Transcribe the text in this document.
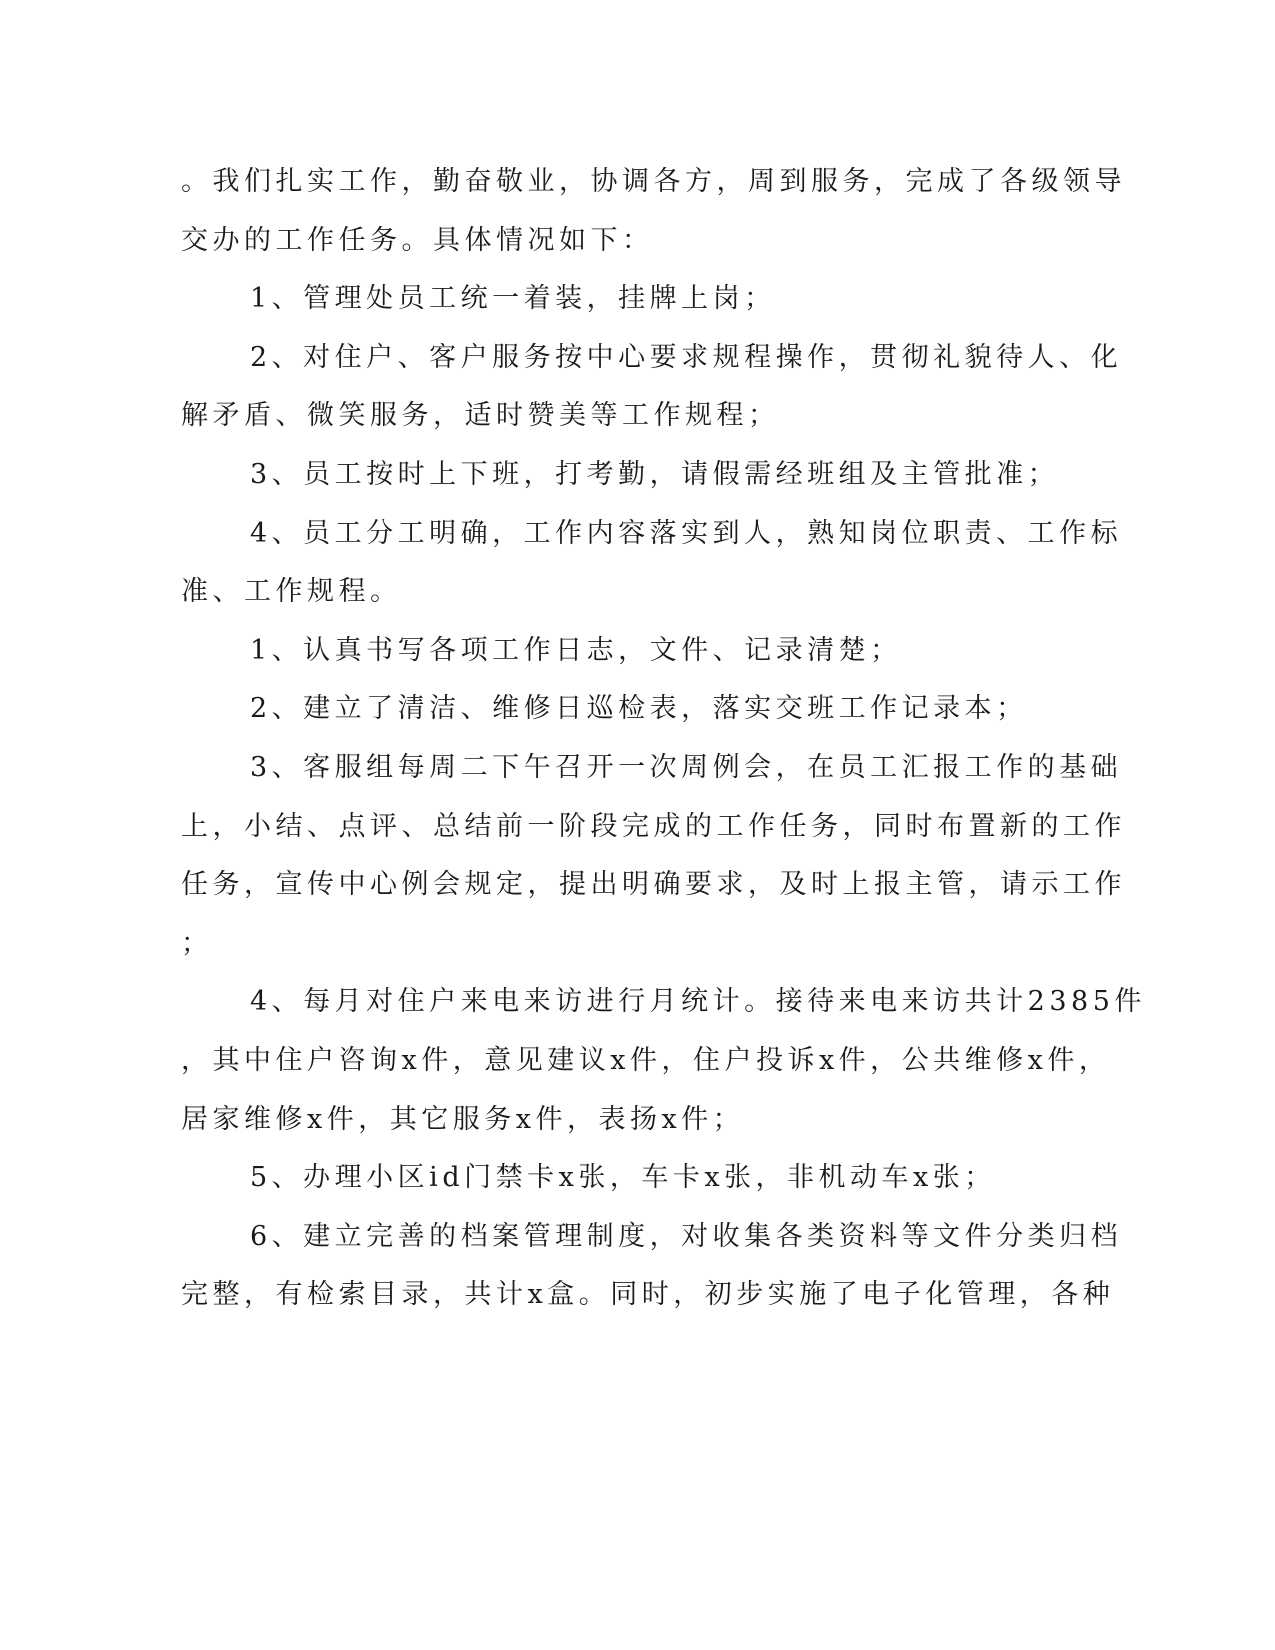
。我们扎实工作，勤奋敬业，协调各方，周到服务，完成了各级领导
交办的工作任务。具体情况如下：
1、管理处员工统一着装，挂牌上岗；
2、对住户、客户服务按中心要求规程操作，贯彻礼貌待人、化
解矛盾、微笑服务，适时赞美等工作规程；
3、员工按时上下班，打考勤，请假需经班组及主管批准；
4、员工分工明确，工作内容落实到人，熟知岗位职责、工作标
准、工作规程。
1、认真书写各项工作日志，文件、记录清楚；
2、建立了清洁、维修日巡检表，落实交班工作记录本；
3、客服组每周二下午召开一次周例会，在员工汇报工作的基础
上，小结、点评、总结前一阶段完成的工作任务，同时布置新的工作
任务，宣传中心例会规定，提出明确要求，及时上报主管，请示工作
；
4、每月对住户来电来访进行月统计。接待来电来访共计2385件
，其中住户咨询x件，意见建议x件，住户投诉x件，公共维修x件，
居家维修x件，其它服务x件，表扬x件；
5、办理小区id门禁卡x张，车卡x张，非机动车x张；
6、建立完善的档案管理制度，对收集各类资料等文件分类归档
完整，有检索目录，共计x盒。同时，初步实施了电子化管理，各种
